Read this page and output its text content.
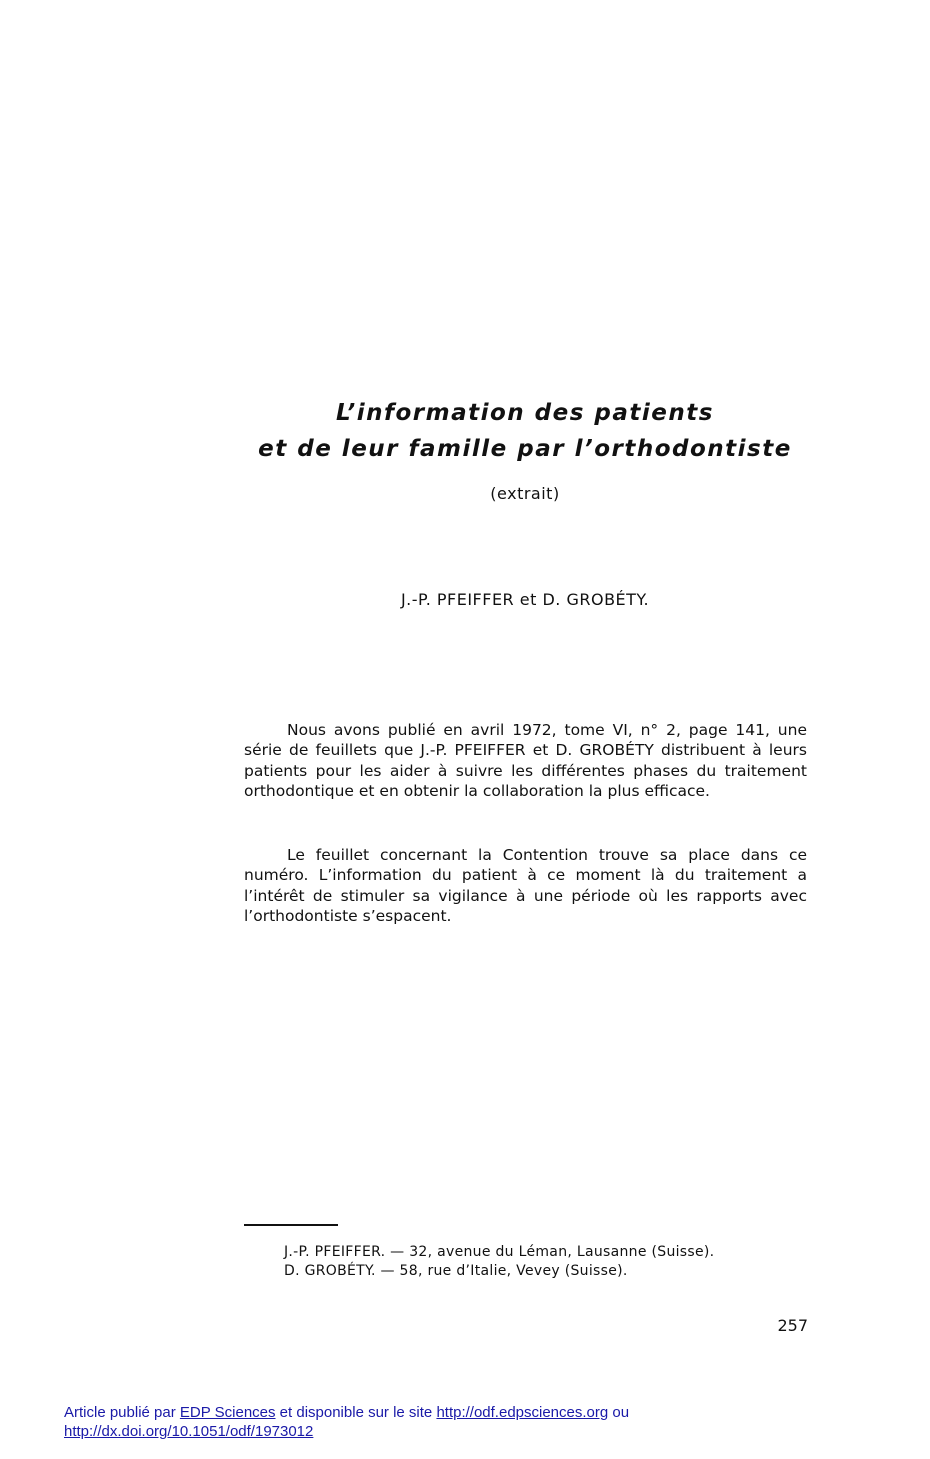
L’information des patients
et de leur famille par l’orthodontiste
(extrait)
J.-P. PFEIFFER et D. GROBÉTY.

Nous avons publié en avril 1972, tome VI, n° 2, page 141, une série de feuillets que J.-P. PFEIFFER et D. GROBÉTY distribuent à leurs patients pour les aider à suivre les différentes phases du traitement orthodontique et en obtenir la collaboration la plus efficace.

Le feuillet concernant la Contention trouve sa place dans ce numéro. L’information du patient à ce moment là du traitement a l’intérêt de stimuler sa vigilance à une période où les rapports avec l’orthodontiste s’espacent.

J.-P. PFEIFFER. — 32, avenue du Léman, Lausanne (Suisse).
D. GROBÉTY. — 58, rue d’Italie, Vevey (Suisse).
257
Article publié par EDP Sciences et disponible sur le site http://odf.edpsciences.org ou
http://dx.doi.org/10.1051/odf/1973012
